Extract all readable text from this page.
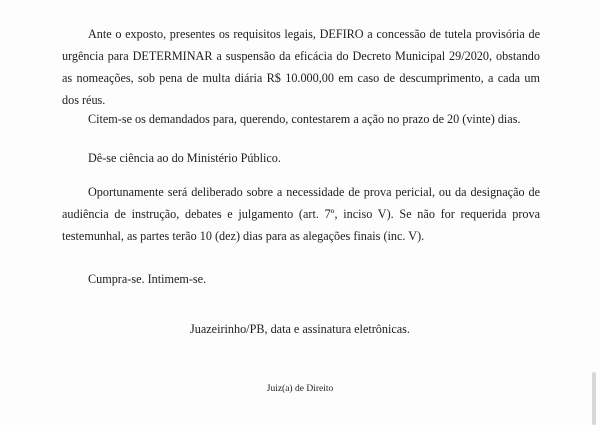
Ante o exposto, presentes os requisitos legais, DEFIRO a concessão de tutela provisória de urgência para DETERMINAR a suspensão da eficácia do Decreto Municipal 29/2020, obstando as nomeações, sob pena de multa diária R$ 10.000,00 em caso de descumprimento, a cada um dos réus.

Citem-se os demandados para, querendo, contestarem a ação no prazo de 20 (vinte) dias.

Dê-se ciência ao do Ministério Público.

Oportunamente será deliberado sobre a necessidade de prova pericial, ou da designação de audiência de instrução, debates e julgamento (art. 7º, inciso V). Se não for requerida prova testemunhal, as partes terão 10 (dez) dias para as alegações finais (inc. V).

Cumpra-se. Intimem-se.

Juazeirinho/PB, data e assinatura eletrônicas.

Juiz(a) de Direito
